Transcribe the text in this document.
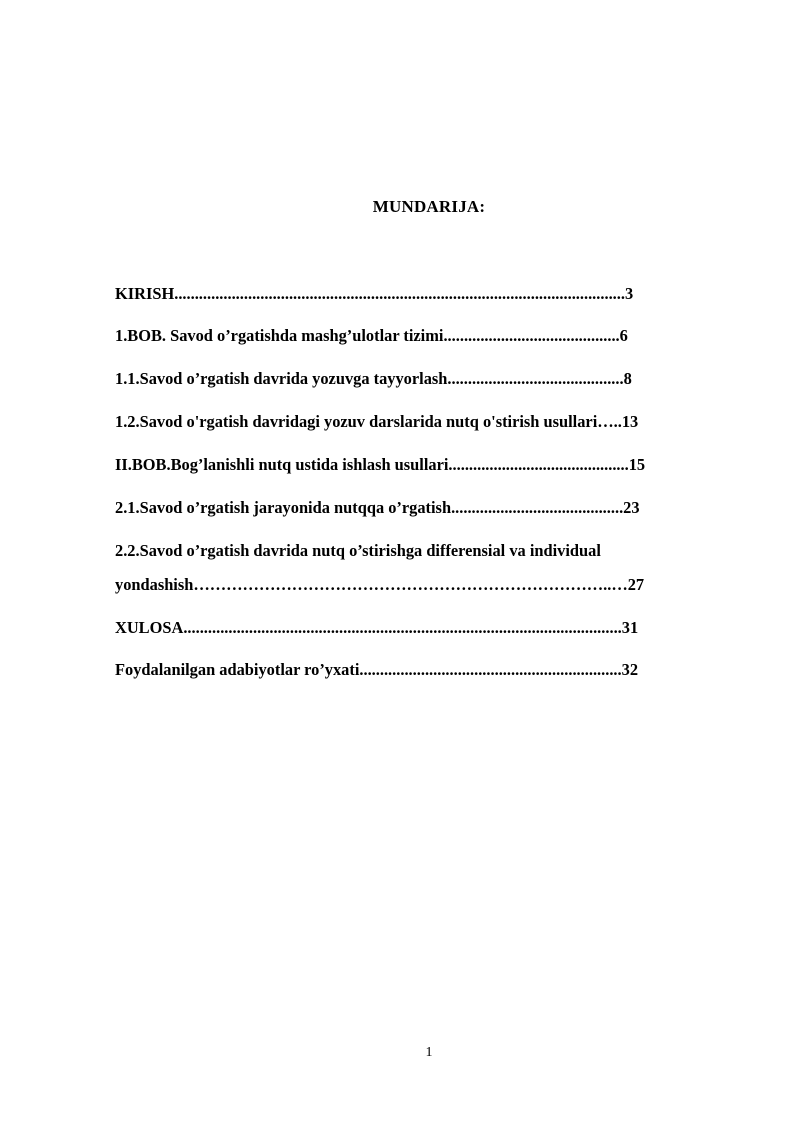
MUNDARIJA:
KIRISH..............................................................................................................3
1.BOB. Savod o’rgatishda mashg’ulotlar tizimi...........................................6
1.1.Savod o’rgatish davrida yozuvga tayyorlash...........................................8
1.2.Savod o'rgatish davridagi yozuv darslarida nutq o'stirish usullari…..13
II.BOB.Bog’lanishli nutq ustida ishlash usullari............................................15
2.1.Savod o’rgatish jarayonida nutqqa o’rgatish..........................................23
2.2.Savod o’rgatish davrida nutq o’stirishga differensial va individual
yondashish…………………………………………………………………..…27
XULOSA...........................................................................................................31
Foydalanilgan adabiyotlar ro’yxati................................................................32
1
